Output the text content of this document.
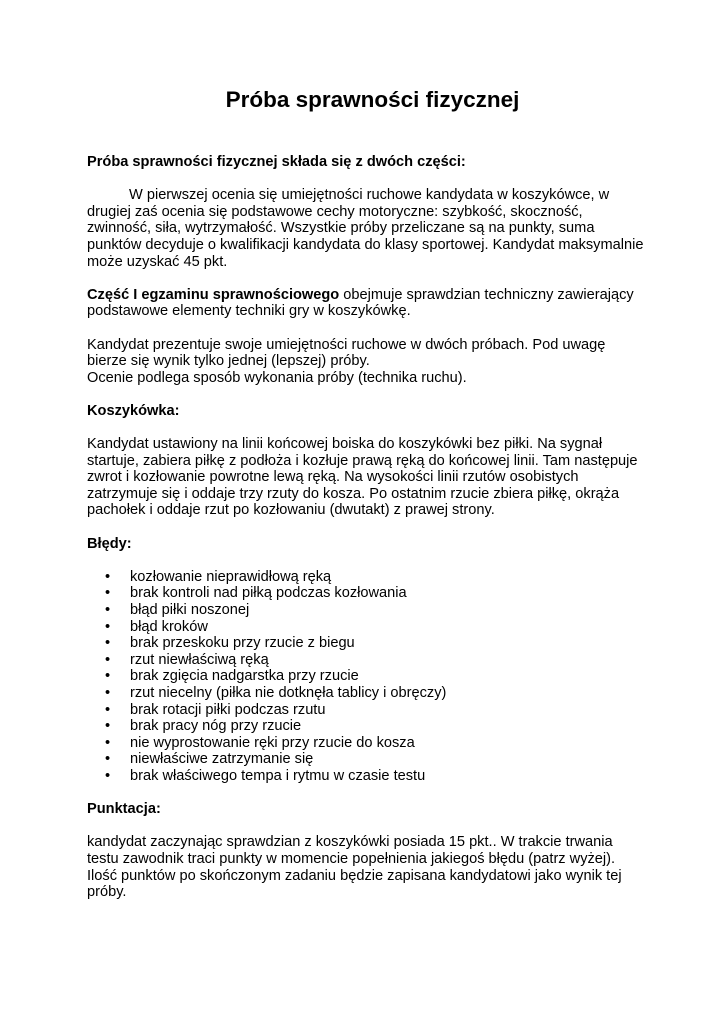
Próba sprawności fizycznej

Próba sprawności fizycznej składa się z dwóch części:

W pierwszej ocenia się umiejętności ruchowe kandydata w koszykówce, w drugiej zaś ocenia się podstawowe cechy motoryczne: szybkość, skoczność, zwinność, siła, wytrzymałość. Wszystkie próby przeliczane są na punkty, suma punktów decyduje o kwalifikacji kandydata do klasy sportowej. Kandydat maksymalnie może uzyskać 45 pkt.

Część I egzaminu sprawnościowego obejmuje sprawdzian techniczny zawierający podstawowe elementy techniki gry w koszykówkę.

Kandydat prezentuje swoje umiejętności ruchowe w dwóch próbach. Pod uwagę bierze się wynik tylko jednej (lepszej) próby.

Ocenie podlega sposób wykonania próby (technika ruchu).

Koszykówka:

Kandydat ustawiony na linii końcowej boiska do koszykówki bez piłki. Na sygnał startuje, zabiera piłkę z podłoża i kozłuje prawą ręką do końcowej linii. Tam następuje zwrot i kozłowanie powrotne lewą ręką. Na wysokości linii rzutów osobistych zatrzymuje się i oddaje trzy rzuty do kosza. Po ostatnim rzucie zbiera piłkę, okrąża pachołek i oddaje rzut po kozłowaniu (dwutakt) z prawej strony.

Błędy:

• kozłowanie nieprawidłową ręką
• brak kontroli nad piłką podczas kozłowania
• błąd piłki noszonej
• błąd kroków
• brak przeskoku przy rzucie z biegu
• rzut niewłaściwą ręką
• brak zgięcia nadgarstka przy rzucie
• rzut niecelny (piłka nie dotknęła tablicy i obręczy)
• brak rotacji piłki podczas rzutu
• brak pracy nóg przy rzucie
• nie wyprostowanie ręki przy rzucie do kosza
• niewłaściwe zatrzymanie się
• brak właściwego tempa i rytmu w czasie testu

Punktacja:

kandydat zaczynając sprawdzian z koszykówki posiada 15 pkt.. W trakcie trwania testu zawodnik traci punkty w momencie popełnienia jakiegoś błędu (patrz wyżej). Ilość punktów po skończonym zadaniu będzie zapisana kandydatowi jako wynik tej próby.
